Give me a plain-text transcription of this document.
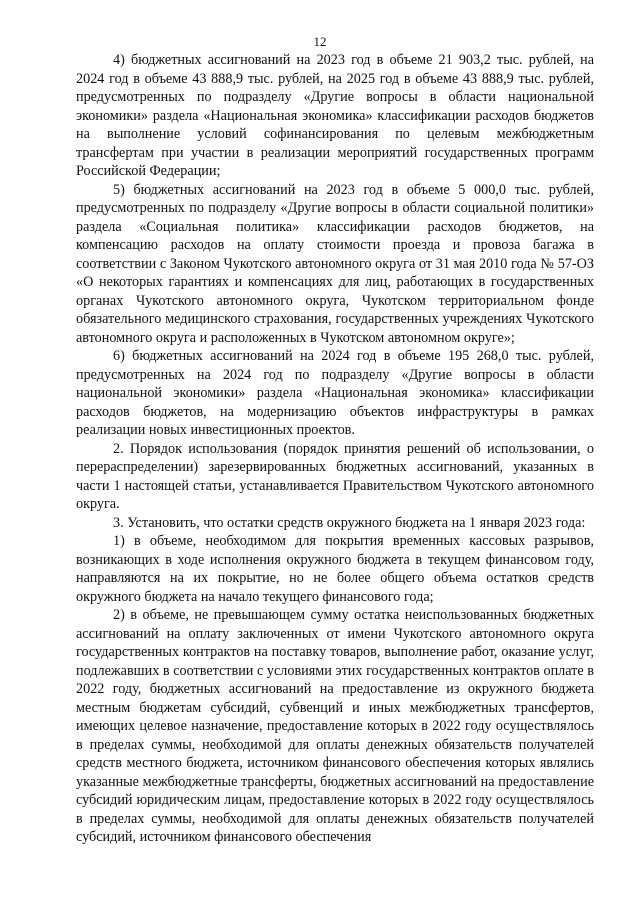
12

4) бюджетных ассигнований на 2023 год в объеме 21 903,2 тыс. рублей, на 2024 год в объеме 43 888,9 тыс. рублей, на 2025 год в объеме 43 888,9 тыс. рублей, предусмотренных по подразделу «Другие вопросы в области национальной экономики» раздела «Национальная экономика» классификации расходов бюджетов на выполнение условий софинансирования по целевым межбюджетным трансфертам при участии в реализации мероприятий государственных программ Российской Федерации;

5) бюджетных ассигнований на 2023 год в объеме 5 000,0 тыс. рублей, предусмотренных по подразделу «Другие вопросы в области социальной политики» раздела «Социальная политика» классификации расходов бюджетов, на компенсацию расходов на оплату стоимости проезда и провоза багажа в соответствии с Законом Чукотского автономного округа от 31 мая 2010 года № 57-ОЗ «О некоторых гарантиях и компенсациях для лиц, работающих в государственных органах Чукотского автономного округа, Чукотском территориальном фонде обязательного медицинского страхования, государственных учреждениях Чукотского автономного округа и расположенных в Чукотском автономном округе»;

6) бюджетных ассигнований на 2024 год в объеме 195 268,0 тыс. рублей, предусмотренных на 2024 год по подразделу «Другие вопросы в области национальной экономики» раздела «Национальная экономика» классификации расходов бюджетов, на модернизацию объектов инфраструктуры в рамках реализации новых инвестиционных проектов.

2. Порядок использования (порядок принятия решений об использовании, о перераспределении) зарезервированных бюджетных ассигнований, указанных в части 1 настоящей статьи, устанавливается Правительством Чукотского автономного округа.

3. Установить, что остатки средств окружного бюджета на 1 января 2023 года:

1) в объеме, необходимом для покрытия временных кассовых разрывов, возникающих в ходе исполнения окружного бюджета в текущем финансовом году, направляются на их покрытие, но не более общего объема остатков средств окружного бюджета на начало текущего финансового года;

2) в объеме, не превышающем сумму остатка неиспользованных бюджетных ассигнований на оплату заключенных от имени Чукотского автономного округа государственных контрактов на поставку товаров, выполнение работ, оказание услуг, подлежавших в соответствии с условиями этих государственных контрактов оплате в 2022 году, бюджетных ассигнований на предоставление из окружного бюджета местным бюджетам субсидий, субвенций и иных межбюджетных трансфертов, имеющих целевое назначение, предоставление которых в 2022 году осуществлялось в пределах суммы, необходимой для оплаты денежных обязательств получателей средств местного бюджета, источником финансового обеспечения которых являлись указанные межбюджетные трансферты, бюджетных ассигнований на предоставление субсидий юридическим лицам, предоставление которых в 2022 году осуществлялось в пределах суммы, необходимой для оплаты денежных обязательств получателей субсидий, источником финансового обеспечения
